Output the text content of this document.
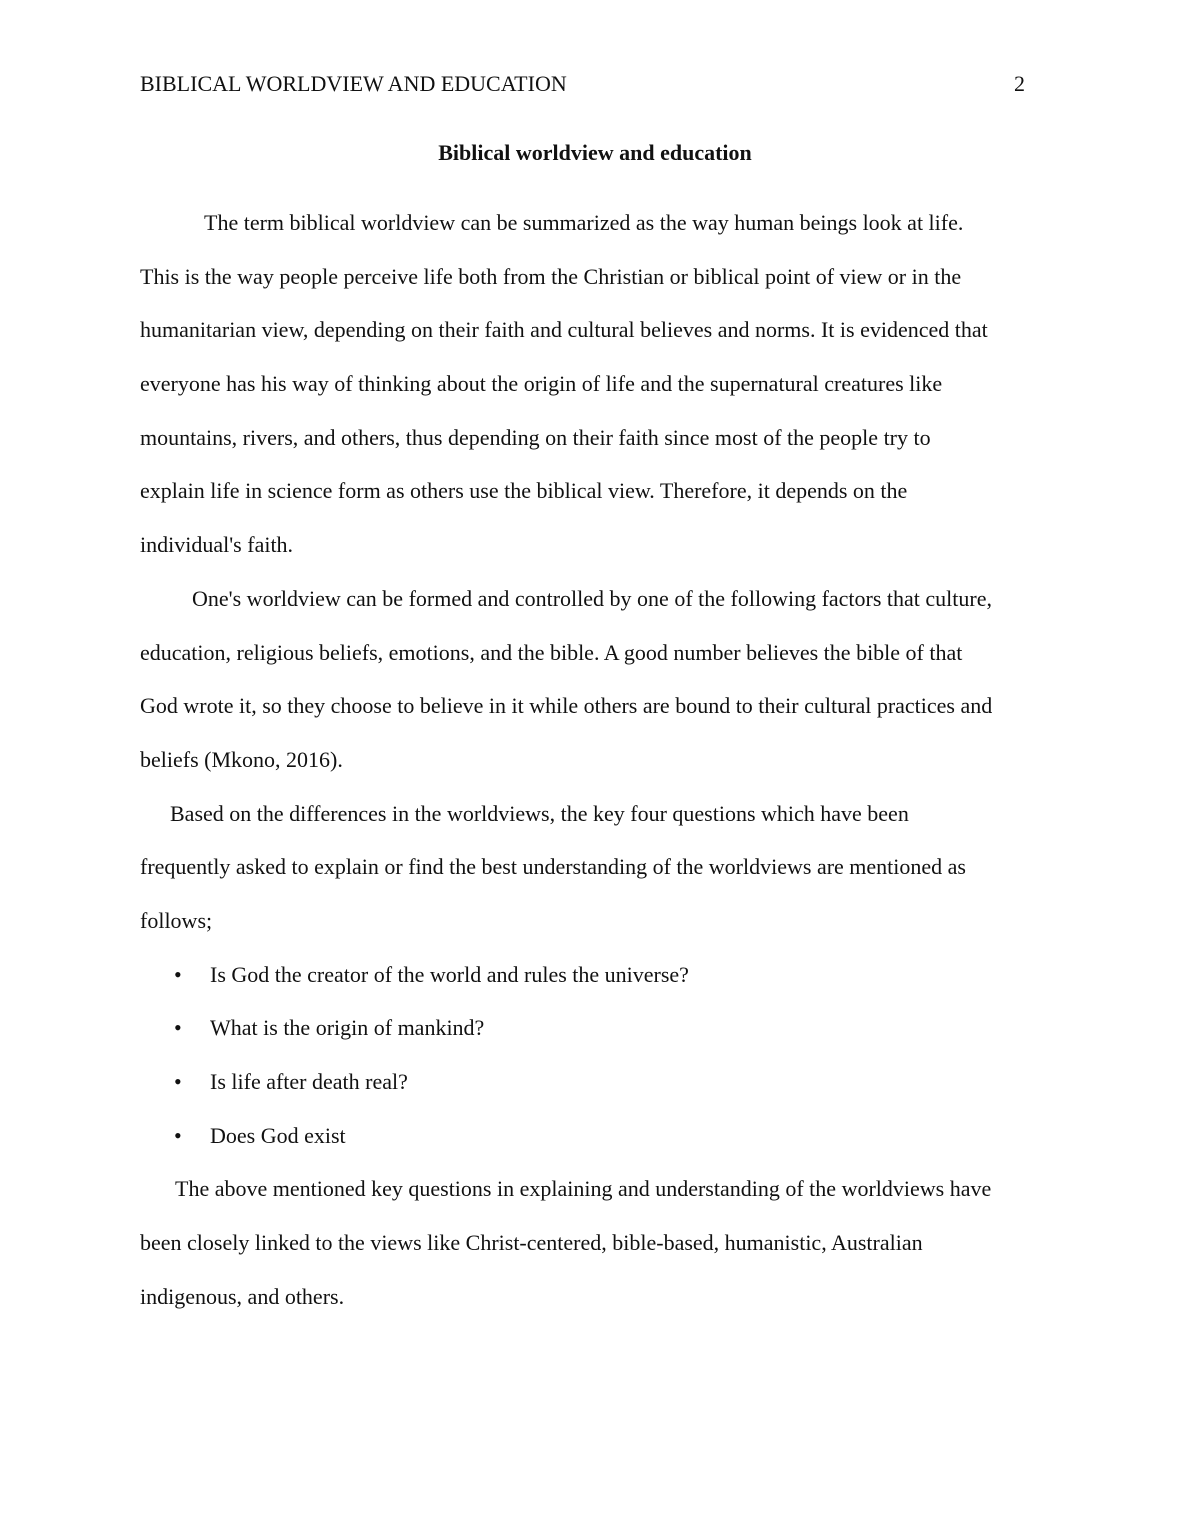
BIBLICAL WORLDVIEW AND EDUCATION	2
Biblical worldview and education

The term biblical worldview can be summarized as the way human beings look at life.
This is the way people perceive life both from the Christian or biblical point of view or in the
humanitarian view, depending on their faith and cultural believes and norms. It is evidenced that
everyone has his way of thinking about the origin of life and the supernatural creatures like
mountains, rivers, and others, thus depending on their faith since most of the people try to
explain life in science form as others use the biblical view. Therefore, it depends on the
individual's faith.

One's worldview can be formed and controlled by one of the following factors that culture,
education, religious beliefs, emotions, and the bible. A good number believes the bible of that
God wrote it, so they choose to believe in it while others are bound to their cultural practices and
beliefs (Mkono, 2016).

Based on the differences in the worldviews, the key four questions which have been
frequently asked to explain or find the best understanding of the worldviews are mentioned as
follows;

• Is God the creator of the world and rules the universe?
• What is the origin of mankind?
• Is life after death real?
• Does God exist

The above mentioned key questions in explaining and understanding of the worldviews have
been closely linked to the views like Christ-centered, bible-based, humanistic, Australian
indigenous, and others.
